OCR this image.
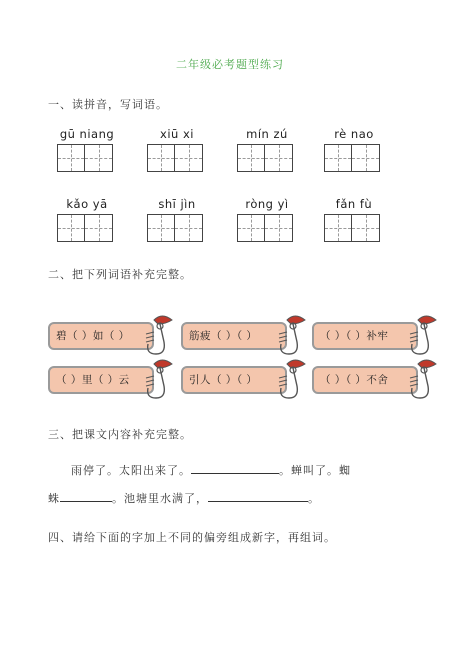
二年级必考题型练习
一、读拼音，写词语。
gū niang	xiū xi	mín zú	rè nao
kǎo yā	shī jìn	ròng yì	fǎn fù
二、把下列词语补充完整。
碧（ ）如（ ）	筋疲（ ）（ ）	（ ）（ ）补牢
（ ）里（ ）云	引人（ ）（ ）	（ ）（ ）不舍
三、把课文内容补充完整。
雨停了。太阳出来了。	。蝉叫了。蜘
蛛	。池塘里水满了，	。
四、请给下面的字加上不同的偏旁组成新字，再组词。
